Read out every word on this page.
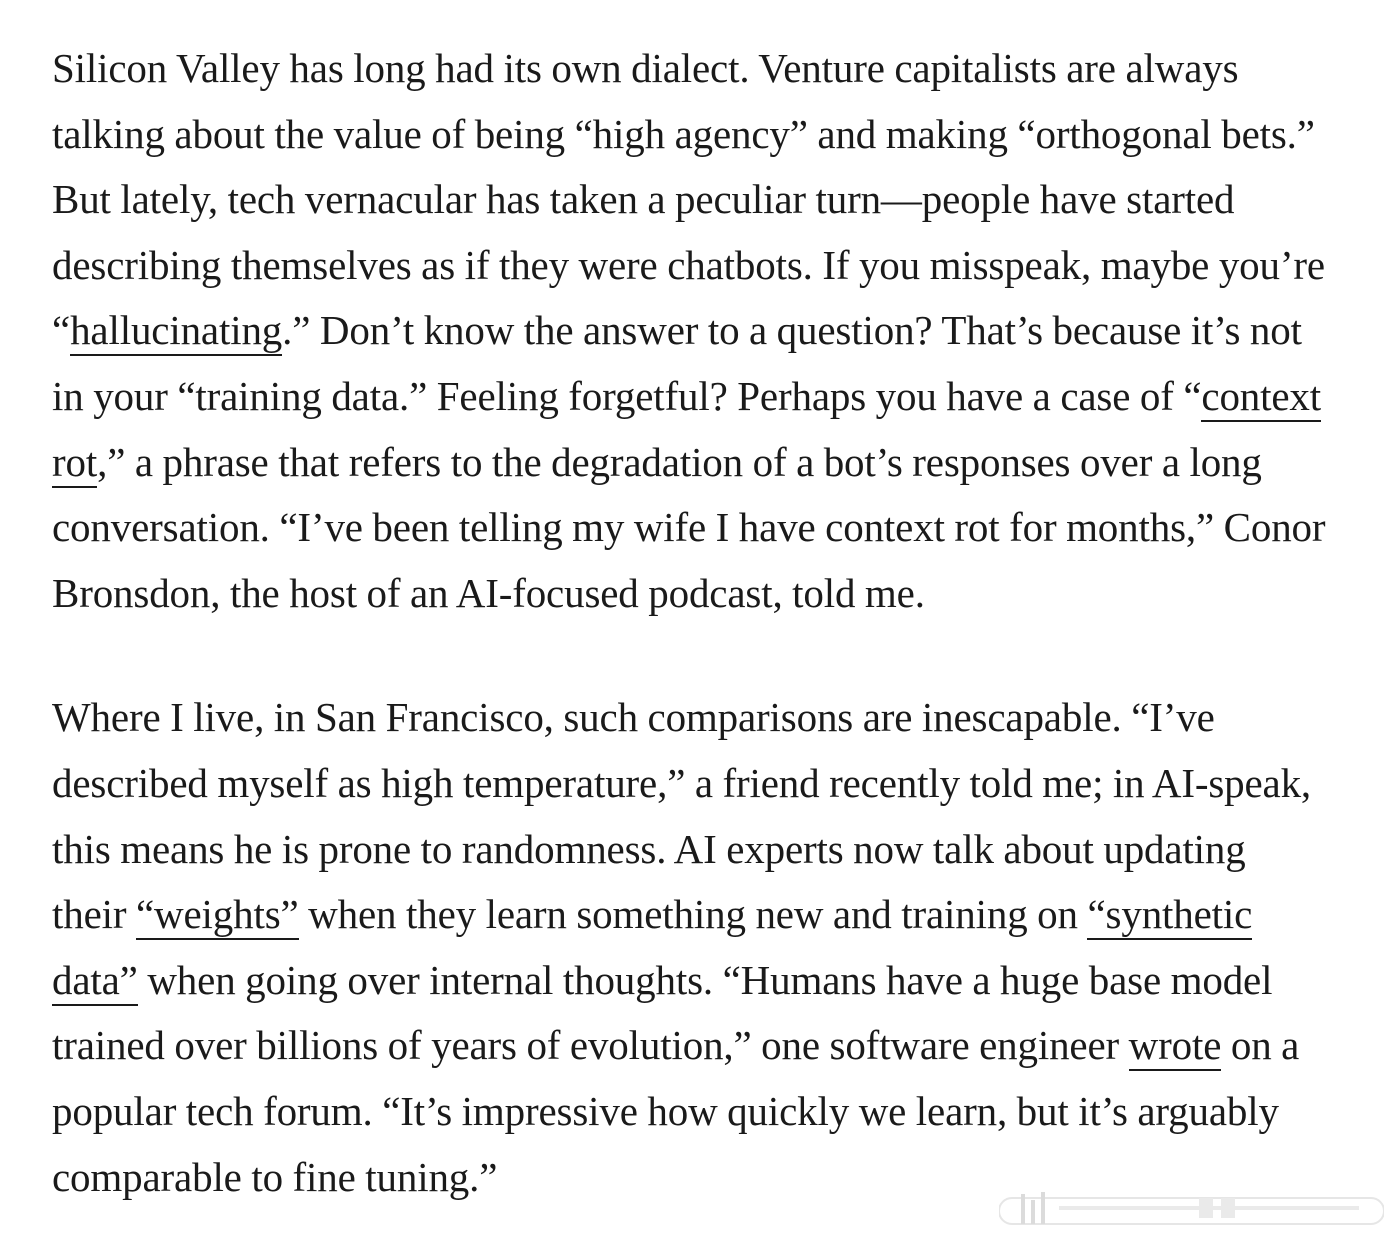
Silicon Valley has long had its own dialect. Venture capitalists are always
talking about the value of being “high agency” and making “orthogonal bets.”
But lately, tech vernacular has taken a peculiar turn—people have started
describing themselves as if they were chatbots. If you misspeak, maybe you’re
“hallucinating.” Don’t know the answer to a question? That’s because it’s not
in your “training data.” Feeling forgetful? Perhaps you have a case of “context
rot,” a phrase that refers to the degradation of a bot’s responses over a long
conversation. “I’ve been telling my wife I have context rot for months,” Conor
Bronsdon, the host of an AI-focused podcast, told me.

Where I live, in San Francisco, such comparisons are inescapable. “I’ve
described myself as high temperature,” a friend recently told me; in AI-speak,
this means he is prone to randomness. AI experts now talk about updating
their “weights” when they learn something new and training on “synthetic
data” when going over internal thoughts. “Humans have a huge base model
trained over billions of years of evolution,” one software engineer wrote on a
popular tech forum. “It’s impressive how quickly we learn, but it’s arguably
comparable to fine tuning.”
